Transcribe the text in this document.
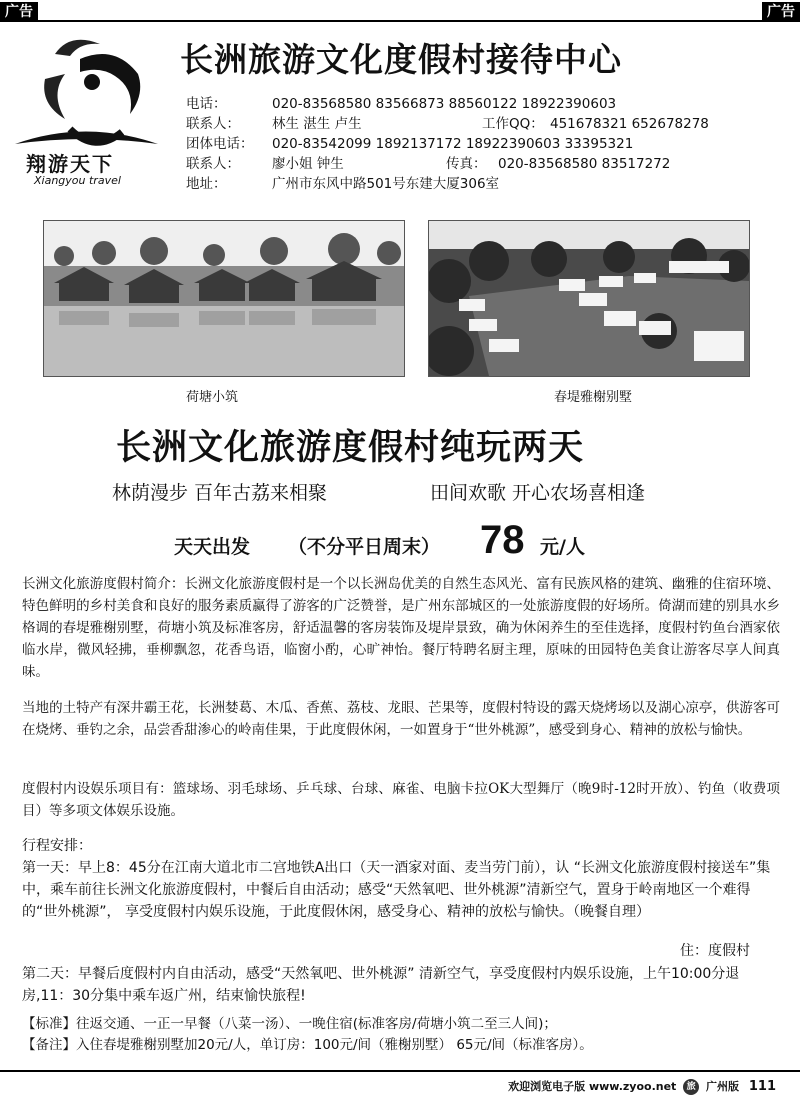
广告	广告
翔游天下
Xiangyou travel
长洲旅游文化度假村接待中心
电话：	020-83568580 83566873 88560122 18922390603
联系人： 林生 湛生 卢生	工作QQ： 451678321 652678278
团体电话： 020-83542099 18921371​72 18922390603 33395321
联系人： 廖小姐 钟生	传真： 020-83568580 83517272
地址：	广州市东风中路501号东建大厦306室
荷塘小筑	春堤雅榭别墅
长洲文化旅游度假村纯玩两天
林荫漫步 百年古荔来相聚	田间欢歌 开心农场喜相逢
天天出发 （不分平日周末） 78 元/人
长洲文化旅游度假村简介：长洲文化旅游度假村是一个以长洲岛优美的自然生态风光、富有民族风格的建筑、幽雅的住宿环境、特色鲜明的乡村美食和良好的服务素质赢得了游客的广泛赞誉，是广州东部城区的一处旅游度假的好场所。倚湖而建的别具水乡格调的春堤雅榭别墅，荷塘小筑及标准客房，舒适温馨的客房装饰及堤岸景致，确为休闲养生的至佳选择，度假村钓鱼台酒家依临水岸，微风轻拂，垂柳飘忽，花香鸟语，临窗小酌，心旷神怡。餐厅特聘名厨主理，原味的田园特色美食让游客尽享人间真味。
当地的土特产有深井霸王花，长洲婪葛、木瓜、香蕉、荔枝、龙眼、芒果等，度假村特设的露天烧烤场以及湖心凉亭，供游客可在烧烤、垂钓之余，品尝香甜渗心的岭南佳果，于此度假休闲，一如置身于“世外桃源”，感受到身心、精神的放松与愉快。
度假村内设娱乐项目有：篮球场、羽毛球场、乒乓球、台球、麻雀、电脑卡拉OK大型舞厅（晚9时-12时开放）、钓鱼（收费项目）等多项文体娱乐设施。
行程安排：
第一天：早上8：45分在江南大道北市二宫地铁A出口（天一酒家对面、麦当劳门前），认 “长洲文化旅游度假村接送车”集中，乘车前往长洲文化旅游度假村，中餐后自由活动；感受“天然氧吧、世外桃源”清新空气，置身于岭南地区一个难得的“世外桃源”， 享受度假村内娱乐设施，于此度假休闲，感受身心、精神的放松与愉快。（晚餐自理）
住：度假村
第二天：早餐后度假村内自由活动，感受“天然氧吧、世外桃源” 清新空气，享受度假村内娱乐设施，上午10:00分退房,11：30分集中乘车返广州，结束愉快旅程!
【标准】往返交通、一正一早餐（八菜一汤）、一晚住宿(标准客房/荷塘小筑二至三人间)；
【备注】入住春堤雅榭别墅加20元/人，单订房：100元/间（雅榭别墅） 65元/间（标准客房）。
欢迎浏览电子版 www.zyoo.net 旅 广州版 111
